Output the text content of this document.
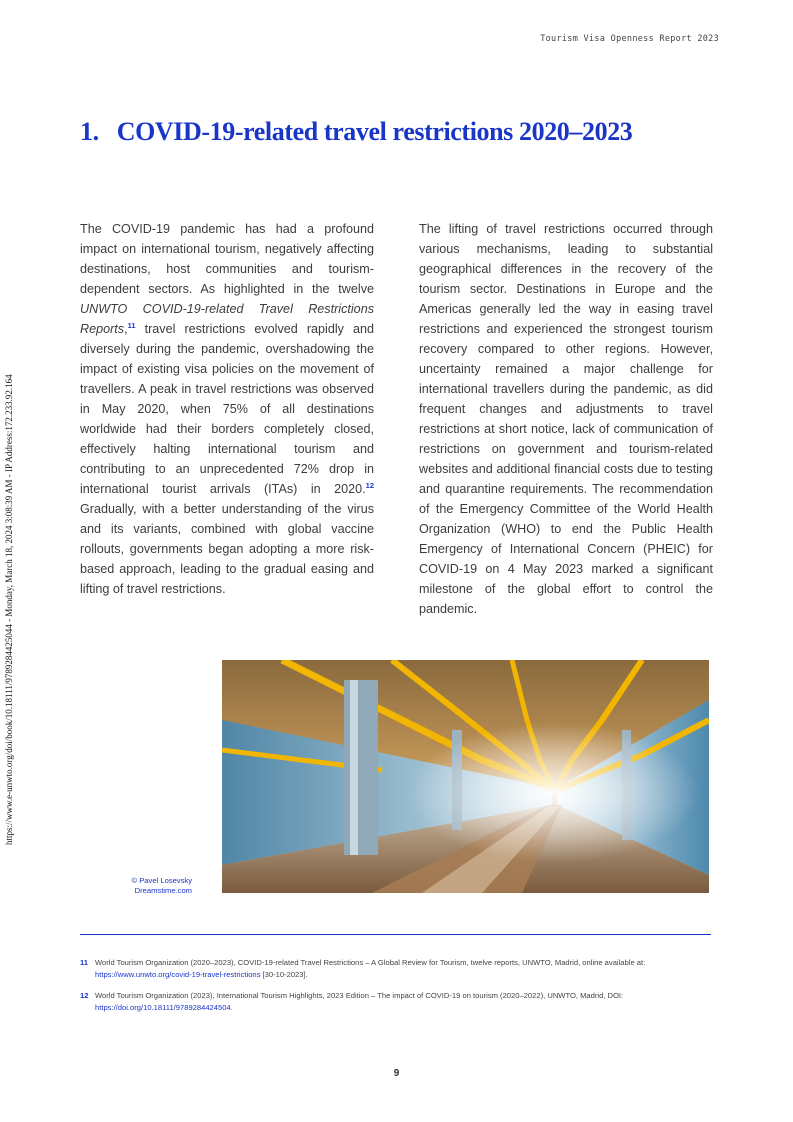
Tourism Visa Openness Report 2023
https://www.e-unwto.org/doi/book/10.18111/9789284425044 - Monday, March 18, 2024 3:08:39 AM - IP Address:172.233.92.164
1. COVID-19-related travel restrictions 2020–2023

The COVID-19 pandemic has had a profound impact on international tourism, negatively affecting destinations, host communities and tourism-dependent sectors. As highlighted in the twelve UNWTO COVID-19-related Travel Restrictions Reports,$^{11}$ travel restrictions evolved rapidly and diversely during the pandemic, overshadowing the impact of existing visa policies on the movement of travellers. A peak in travel restrictions was observed in May 2020, when 75% of all destinations worldwide had their borders completely closed, effectively halting international tourism and contributing to an unprecedented 72% drop in international tourist arrivals (ITAs) in 2020.12 Gradually, with a better understanding of the virus and its variants, combined with global vaccine rollouts, governments began adopting a more risk-based approach, leading to the gradual easing and lifting of travel restrictions.

The lifting of travel restrictions occurred through various mechanisms, leading to substantial geographical differences in the recovery of the tourism sector. Destinations in Europe and the Americas generally led the way in easing travel restrictions and experienced the strongest tourism recovery compared to other regions. However, uncertainty remained a major challenge for international travellers during the pandemic, as did frequent changes and adjustments to travel restrictions at short notice, lack of communication of restrictions on government and tourism-related websites and additional financial costs due to testing and quarantine requirements. The recommendation of the Emergency Committee of the World Health Organization (WHO) to end the Public Health Emergency of International Concern (PHEIC) for COVID-19 on 4 May 2023 marked a significant milestone of the global effort to control the pandemic.

© Pavel Losevsky
Dreamstime.com
11 World Tourism Organization (2020–2023), COVID-19-related Travel Restrictions – A Global Review for Tourism, twelve reports, UNWTO, Madrid, online available at: https://www.unwto.org/covid-19-travel-restrictions [30-10-2023].
12 World Tourism Organization (2023), International Tourism Highlights, 2023 Edition – The impact of COVID-19 on tourism (2020–2022), UNWTO, Madrid, DOI: https://doi.org/10.18111/9789284424504.
9
